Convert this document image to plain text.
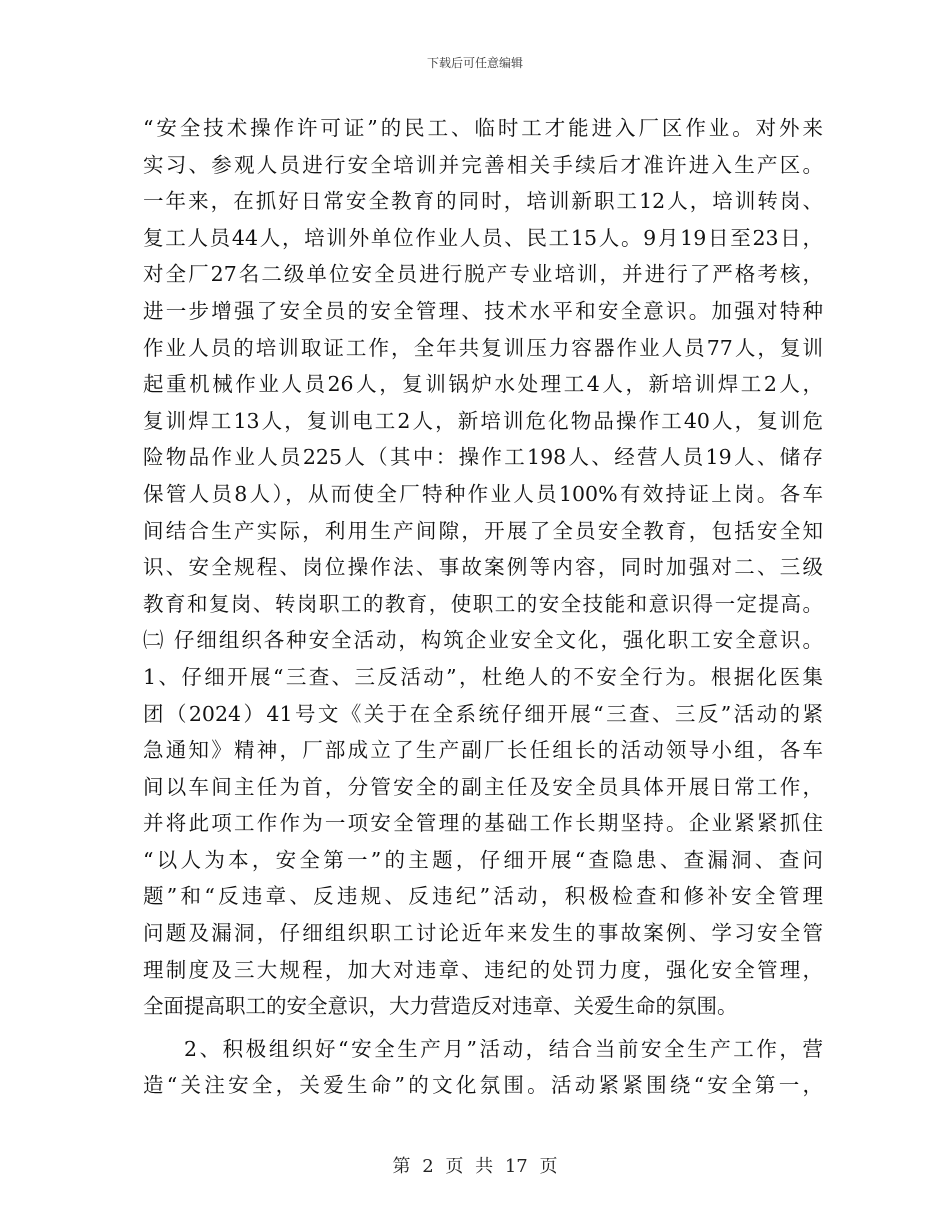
下载后可任意编辑
“安全技术操作许可证”的民工、临时工才能进入厂区作业。对外来
实习、参观人员进行安全培训并完善相关手续后才准许进入生产区。
一年来，在抓好日常安全教育的同时，培训新职工12人，培训转岗、
复工人员44人，培训外单位作业人员、民工15人。9月19日至23日，
对全厂27名二级单位安全员进行脱产专业培训，并进行了严格考核，
进一步增强了安全员的安全管理、技术水平和安全意识。加强对特种
作业人员的培训取证工作，全年共复训压力容器作业人员77人，复训
起重机械作业人员26人，复训锅炉水处理工4人，新培训焊工2人，
复训焊工13人，复训电工2人，新培训危化物品操作工40人，复训危
险物品作业人员225人（其中：操作工198人、经营人员19人、储存
保管人员8人），从而使全厂特种作业人员100%有效持证上岗。各车
间结合生产实际，利用生产间隙，开展了全员安全教育，包括安全知
识、安全规程、岗位操作法、事故案例等内容，同时加强对二、三级
教育和复岗、转岗职工的教育，使职工的安全技能和意识得一定提高。
㈡ 仔细组织各种安全活动，构筑企业安全文化，强化职工安全意识。
1、仔细开展“三查、三反活动”，杜绝人的不安全行为。根据化医集
团（2024）41号文《关于在全系统仔细开展“三查、三反”活动的紧
急通知》精神，厂部成立了生产副厂长任组长的活动领导小组，各车
间以车间主任为首，分管安全的副主任及安全员具体开展日常工作，
并将此项工作作为一项安全管理的基础工作长期坚持。企业紧紧抓住
“以人为本，安全第一”的主题，仔细开展“查隐患、查漏洞、查问
题”和“反违章、反违规、反违纪”活动，积极检查和修补安全管理
问题及漏洞，仔细组织职工讨论近年来发生的事故案例、学习安全管
理制度及三大规程，加大对违章、违纪的处罚力度，强化安全管理，
全面提高职工的安全意识，大力营造反对违章、关爱生命的氛围。
2、积极组织好“安全生产月”活动，结合当前安全生产工作，营
造“关注安全，关爱生命”的文化氛围。活动紧紧围绕“安全第一，
第 2 页 共 17 页
